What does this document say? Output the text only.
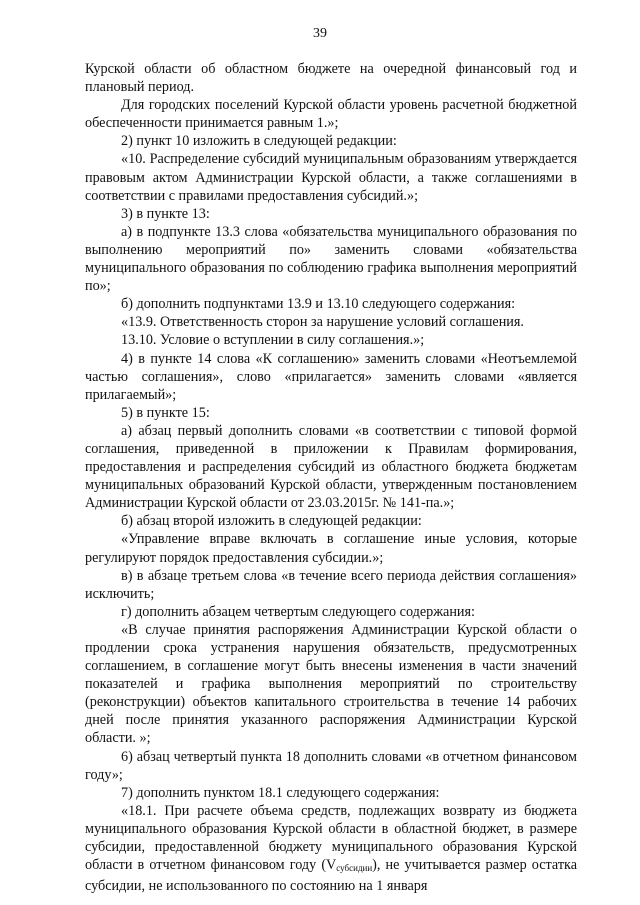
39

Курской области об областном бюджете на очередной финансовый год и плановый период.

Для городских поселений Курской области уровень расчетной бюджетной обеспеченности принимается равным 1.»;

2) пункт 10 изложить в следующей редакции:

«10. Распределение субсидий муниципальным образованиям утверждается правовым актом Администрации Курской области, а также соглашениями в соответствии с правилами предоставления субсидий.»;

3) в пункте 13:

а) в подпункте 13.3 слова «обязательства муниципального образования по выполнению мероприятий по» заменить словами «обязательства муниципального образования по соблюдению графика выполнения мероприятий по»;

б) дополнить подпунктами 13.9 и 13.10 следующего содержания:

«13.9. Ответственность сторон за нарушение условий соглашения.

13.10. Условие о вступлении в силу соглашения.»;

4) в пункте 14 слова «К соглашению» заменить словами «Неотъемлемой частью соглашения», слово «прилагается» заменить словами «является прилагаемый»;

5) в пункте 15:

а) абзац первый дополнить словами «в соответствии с типовой формой соглашения, приведенной в приложении к Правилам формирования, предоставления и распределения субсидий из областного бюджета бюджетам муниципальных образований Курской области, утвержденным постановлением Администрации Курской области от 23.03.2015г. № 141-па.»;

б) абзац второй изложить в следующей редакции:

«Управление вправе включать в соглашение иные условия, которые регулируют порядок предоставления субсидии.»;

в) в абзаце третьем слова «в течение всего периода действия соглашения» исключить;

г) дополнить абзацем четвертым следующего содержания:

«В случае принятия распоряжения Администрации Курской области о продлении срока устранения нарушения обязательств, предусмотренных соглашением, в соглашение могут быть внесены изменения в части значений показателей и графика выполнения мероприятий по строительству (реконструкции) объектов капитального строительства в течение 14 рабочих дней после принятия указанного распоряжения Администрации Курской области. »;

6) абзац четвертый пункта 18 дополнить словами «в отчетном финансовом году»;

7) дополнить пунктом 18.1 следующего содержания:

«18.1. При расчете объема средств, подлежащих возврату из бюджета муниципального образования Курской области в областной бюджет, в размере субсидии, предоставленной бюджету муниципального образования Курской области в отчетном финансовом году $(V_{субсидии})$, не учитывается размер остатка субсидии, не использованного по состоянию на 1 января
